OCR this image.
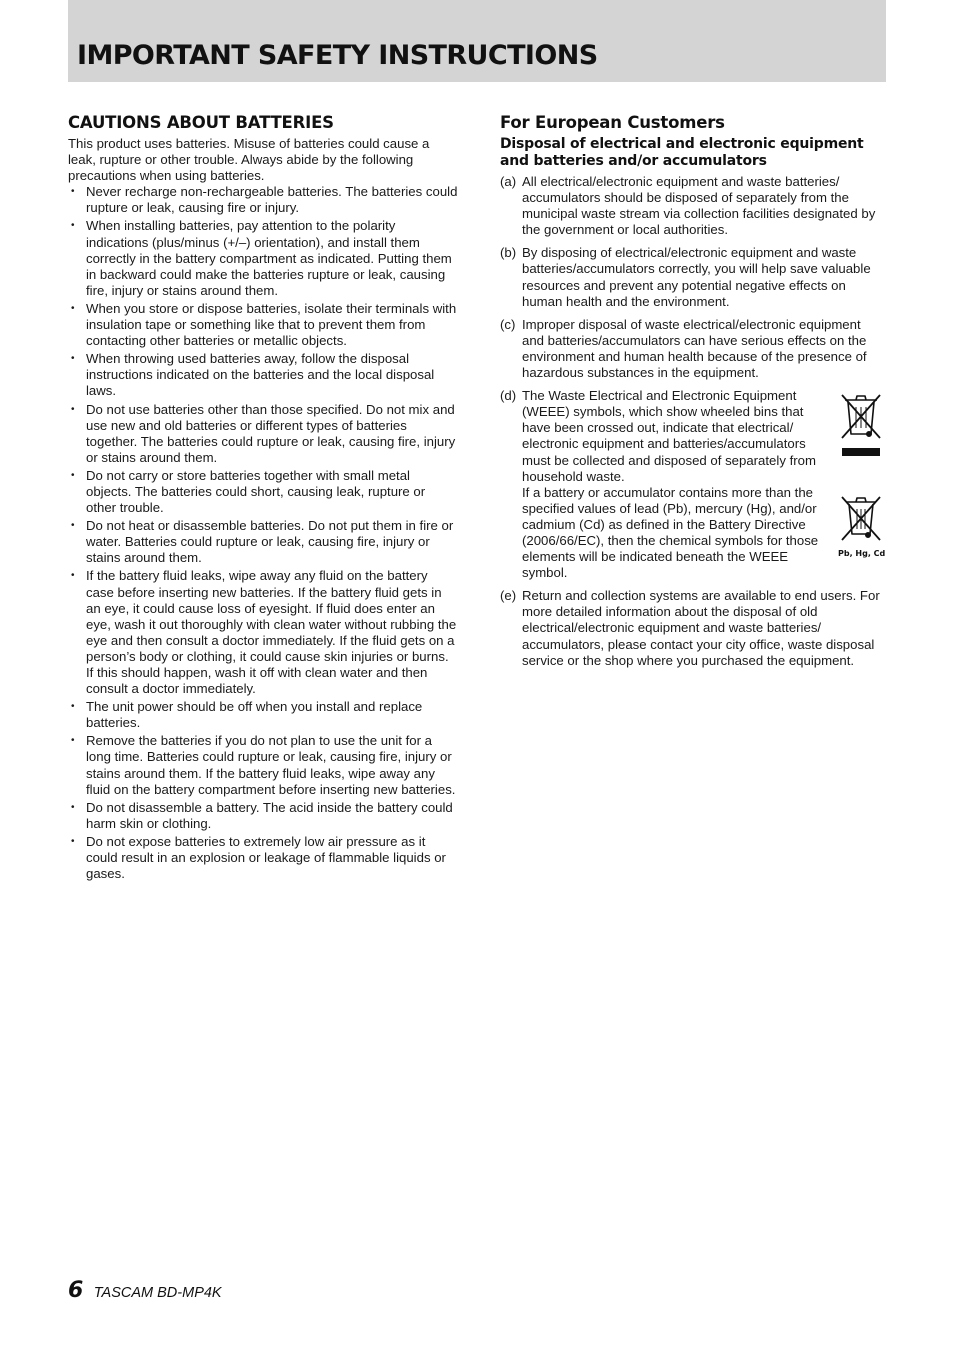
IMPORTANT SAFETY INSTRUCTIONS
CAUTIONS ABOUT BATTERIES

This product uses batteries. Misuse of batteries could cause a leak, rupture or other trouble. Always abide by the following precautions when using batteries.

• Never recharge non-rechargeable batteries. The batteries could rupture or leak, causing fire or injury.
• When installing batteries, pay attention to the polarity indications (plus/minus (+/–) orientation), and install them correctly in the battery compartment as indicated. Putting them in backward could make the batteries rupture or leak, causing fire, injury or stains around them.
• When you store or dispose batteries, isolate their terminals with insulation tape or something like that to prevent them from contacting other batteries or metallic objects.
• When throwing used batteries away, follow the disposal instructions indicated on the batteries and the local disposal laws.
• Do not use batteries other than those specified. Do not mix and use new and old batteries or different types of batteries together. The batteries could rupture or leak, causing fire, injury or stains around them.
• Do not carry or store batteries together with small metal objects. The batteries could short, causing leak, rupture or other trouble.
• Do not heat or disassemble batteries. Do not put them in fire or water. Batteries could rupture or leak, causing fire, injury or stains around them.
• If the battery fluid leaks, wipe away any fluid on the battery case before inserting new batteries. If the battery fluid gets in an eye, it could cause loss of eyesight. If fluid does enter an eye, wash it out thoroughly with clean water without rubbing the eye and then consult a doctor immediately. If the fluid gets on a person’s body or clothing, it could cause skin injuries or burns. If this should happen, wash it off with clean water and then consult a doctor immediately.
• The unit power should be off when you install and replace batteries.
• Remove the batteries if you do not plan to use the unit for a long time. Batteries could rupture or leak, causing fire, injury or stains around them. If the battery fluid leaks, wipe away any fluid on the battery compartment before inserting new batteries.
• Do not disassemble a battery. The acid inside the battery could harm skin or clothing.
• Do not expose batteries to extremely low air pressure as it could result in an explosion or leakage of flammable liquids or gases.
For European Customers
Disposal of electrical and electronic equipment and batteries and/or accumulators
(a) All electrical/electronic equipment and waste batteries/ accumulators should be disposed of separately from the municipal waste stream via collection facilities designated by the government or local authorities.
(b) By disposing of electrical/electronic equipment and waste batteries/accumulators correctly, you will help save valuable resources and prevent any potential negative effects on human health and the environment.
(c) Improper disposal of waste electrical/electronic equipment and batteries/accumulators can have serious effects on the environment and human health because of the presence of hazardous substances in the equipment.
(d) The Waste Electrical and Electronic Equipment (WEEE) symbols, which show wheeled bins that have been crossed out, indicate that electrical/ electronic equipment and batteries/accumulators must be collected and disposed of separately from household waste.
If a battery or accumulator contains more than the specified values of lead (Pb), mercury (Hg), and/or cadmium (Cd) as defined in the Battery Directive (2006/66/EC), then the chemical symbols for those elements will be indicated beneath the WEEE symbol.
Pb, Hg, Cd
(e) Return and collection systems are available to end users. For more detailed information about the disposal of old electrical/electronic equipment and waste batteries/ accumulators, please contact your city office, waste disposal service or the shop where you purchased the equipment.
6 TASCAM BD-MP4K
